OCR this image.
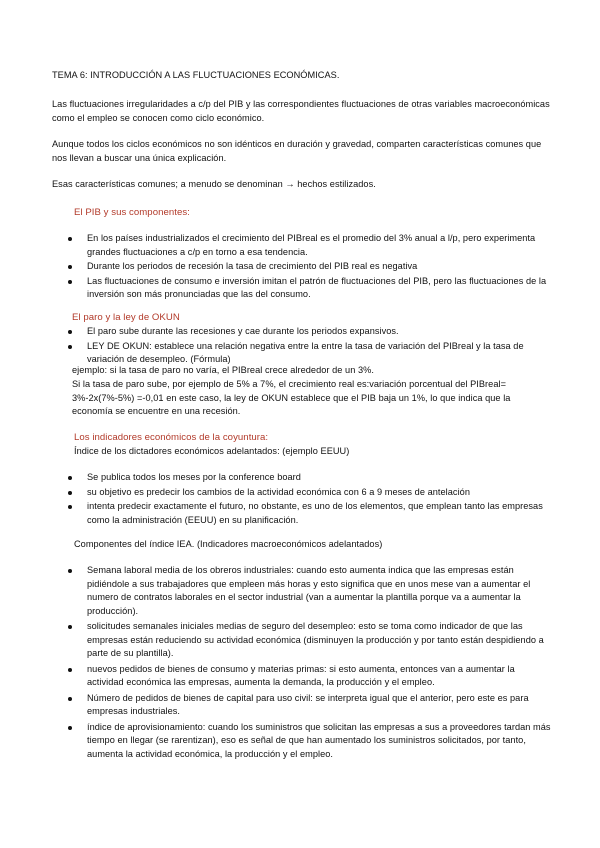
TEMA 6: INTRODUCCIÓN A LAS FLUCTUACIONES ECONÓMICAS.

Las fluctuaciones irregularidades a c/p del PIB y las correspondientes fluctuaciones de otras variables macroeconómicas como el empleo se conocen como ciclo económico.

Aunque todos los ciclos económicos no son idénticos en duración y gravedad, comparten características comunes que nos llevan a buscar una única explicación.

Esas características comunes; a menudo se denominan → hechos estilizados.

El PIB y sus componentes:

En los países industrializados el crecimiento del PIBreal es el promedio del 3% anual a l/p, pero experimenta grandes fluctuaciones a c/p en torno a esa tendencia.
Durante los periodos de recesión la tasa de crecimiento del PIB real es negativa
Las fluctuaciones de consumo e inversión imitan el patrón de fluctuaciones del PIB, pero las fluctuaciones de la inversión son más pronunciadas que las del consumo.

El paro y la ley de OKUN

El paro sube durante las recesiones y cae durante los periodos expansivos.
LEY DE OKUN: establece una relación negativa entre la entre la tasa de variación del PIBreal y la tasa de variación de desempleo. (Fórmula)

ejemplo: si la tasa de paro no varía, el PIBreal crece alrededor de un 3%.

Si la tasa de paro sube, por ejemplo de 5% a 7%, el crecimiento real es:variación porcentual del PIBreal= 3%-2x(7%-5%) =-0,01 en este caso, la ley de OKUN establece que el PIB baja un 1%, lo que indica que la economía se encuentre en una recesión.

Los indicadores económicos de la coyuntura:

Índice de los dictadores económicos adelantados: (ejemplo EEUU)

Se publica todos los meses por la conference board
su objetivo es predecir los cambios de la actividad económica con 6 a 9 meses de antelación
intenta predecir exactamente el futuro, no obstante, es uno de los elementos, que emplean tanto las empresas como la administración (EEUU) en su planificación.

Componentes del índice IEA. (Indicadores macroeconómicos adelantados)

Semana laboral media de los obreros industriales: cuando esto aumenta indica que las empresas están pidiéndole a sus trabajadores que empleen más horas y esto significa que en unos mese van a aumentar el numero de contratos laborales en el sector industrial (van a aumentar la plantilla porque va a aumentar la producción).
solicitudes semanales iniciales medias de seguro del desempleo: esto se toma como indicador de que las empresas están reduciendo su actividad económica (disminuyen la producción y por tanto están despidiendo a parte de su plantilla).
nuevos pedidos de bienes de consumo y materias primas: si esto aumenta, entonces van a aumentar la actividad económica las empresas, aumenta la demanda, la producción y el empleo.
Número de pedidos de bienes de capital para uso civil: se interpreta igual que el anterior, pero este es para empresas industriales.
índice de aprovisionamiento: cuando los suministros que solicitan las empresas a sus a proveedores tardan más tiempo en llegar (se rarentizan), eso es señal de que han aumentado los suministros solicitados, por tanto, aumenta la actividad económica, la producción y el empleo.
